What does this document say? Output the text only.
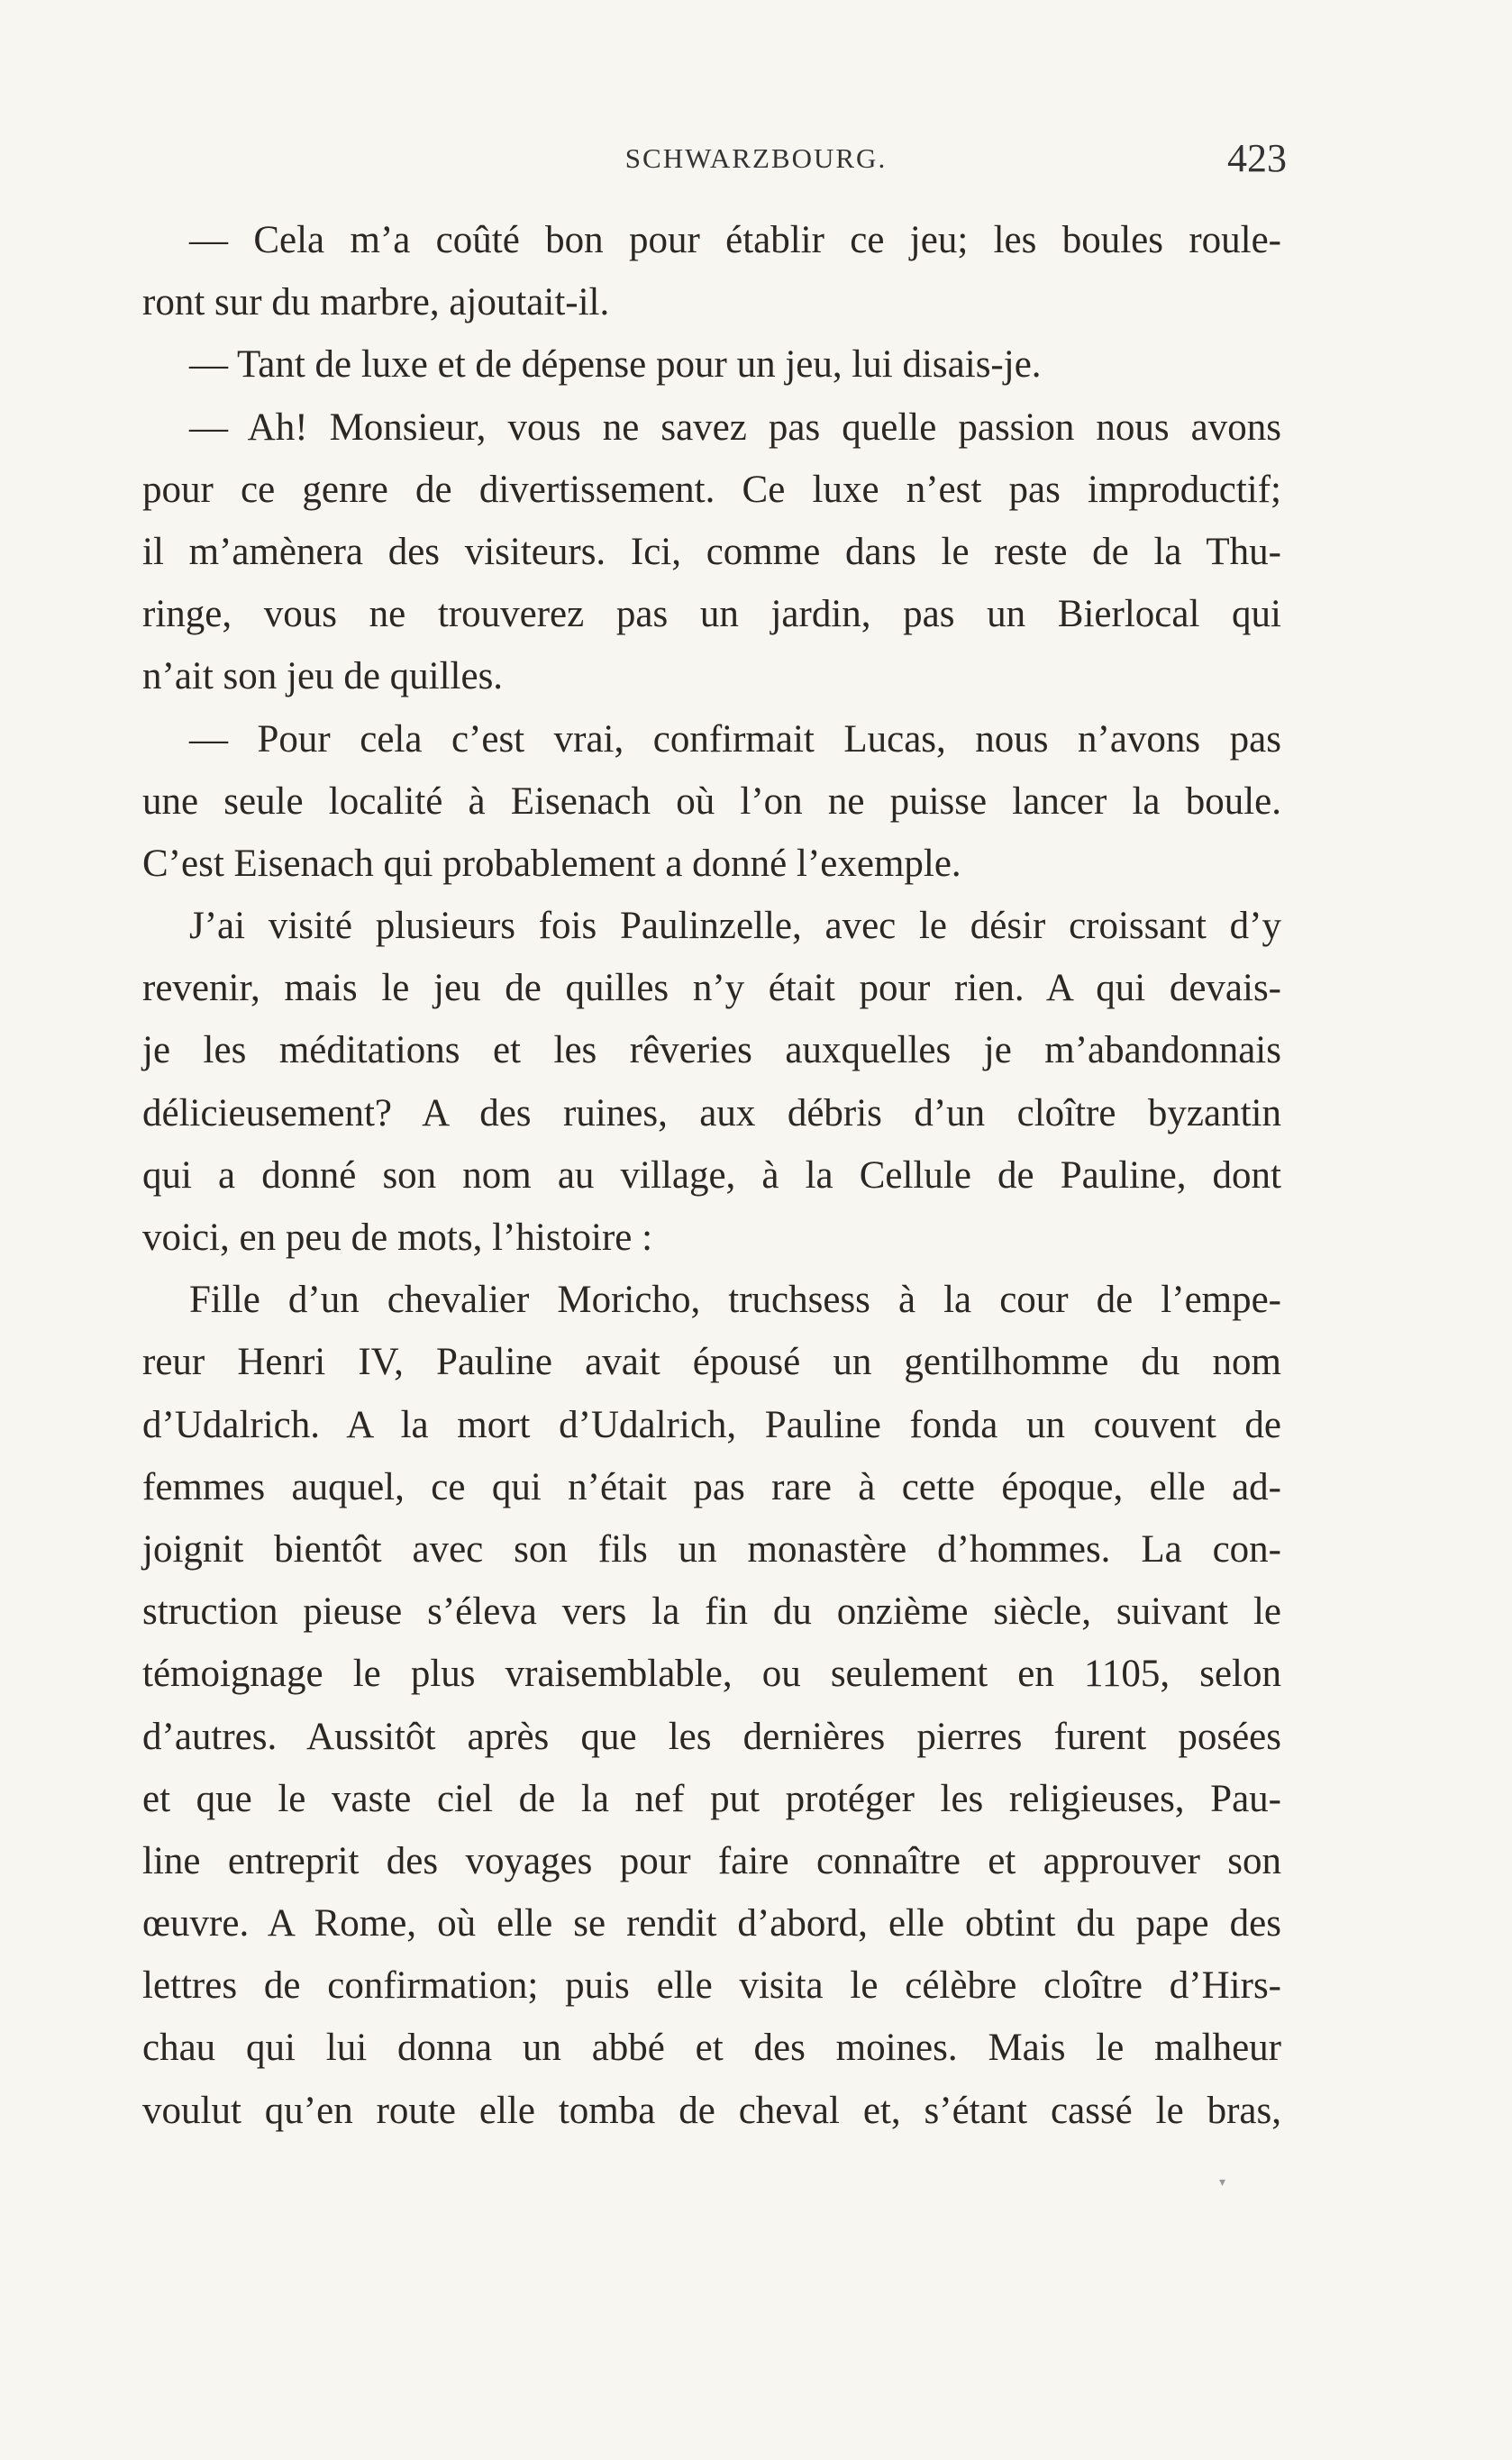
SCHWARZBOURG.	423
— Cela m’a coûté bon pour établir ce jeu; les boules roule-
ront sur du marbre, ajoutait-il.
— Tant de luxe et de dépense pour un jeu, lui disais-je.
— Ah! Monsieur, vous ne savez pas quelle passion nous avons
pour ce genre de divertissement. Ce luxe n’est pas improductif;
il m’amènera des visiteurs. Ici, comme dans le reste de la Thu-
ringe, vous ne trouverez pas un jardin, pas un Bierlocal qui
n’ait son jeu de quilles.
— Pour cela c’est vrai, confirmait Lucas, nous n’avons pas
une seule localité à Eisenach où l’on ne puisse lancer la boule.
C’est Eisenach qui probablement a donné l’exemple.
J’ai visité plusieurs fois Paulinzelle, avec le désir croissant d’y
revenir, mais le jeu de quilles n’y était pour rien. A qui devais-
je les méditations et les rêveries auxquelles je m’abandonnais
délicieusement? A des ruines, aux débris d’un cloître byzantin
qui a donné son nom au village, à la Cellule de Pauline, dont
voici, en peu de mots, l’histoire :
Fille d’un chevalier Moricho, truchsess à la cour de l’empe-
reur Henri IV, Pauline avait épousé un gentilhomme du nom
d’Udalrich. A la mort d’Udalrich, Pauline fonda un couvent de
femmes auquel, ce qui n’était pas rare à cette époque, elle ad-
joignit bientôt avec son fils un monastère d’hommes. La con-
struction pieuse s’éleva vers la fin du onzième siècle, suivant le
témoignage le plus vraisemblable, ou seulement en 1105, selon
d’autres. Aussitôt après que les dernières pierres furent posées
et que le vaste ciel de la nef put protéger les religieuses, Pau-
line entreprit des voyages pour faire connaître et approuver son
œuvre. A Rome, où elle se rendit d’abord, elle obtint du pape des
lettres de confirmation; puis elle visita le célèbre cloître d’Hirs-
chau qui lui donna un abbé et des moines. Mais le malheur
voulut qu’en route elle tomba de cheval et, s’étant cassé le bras,
▾
